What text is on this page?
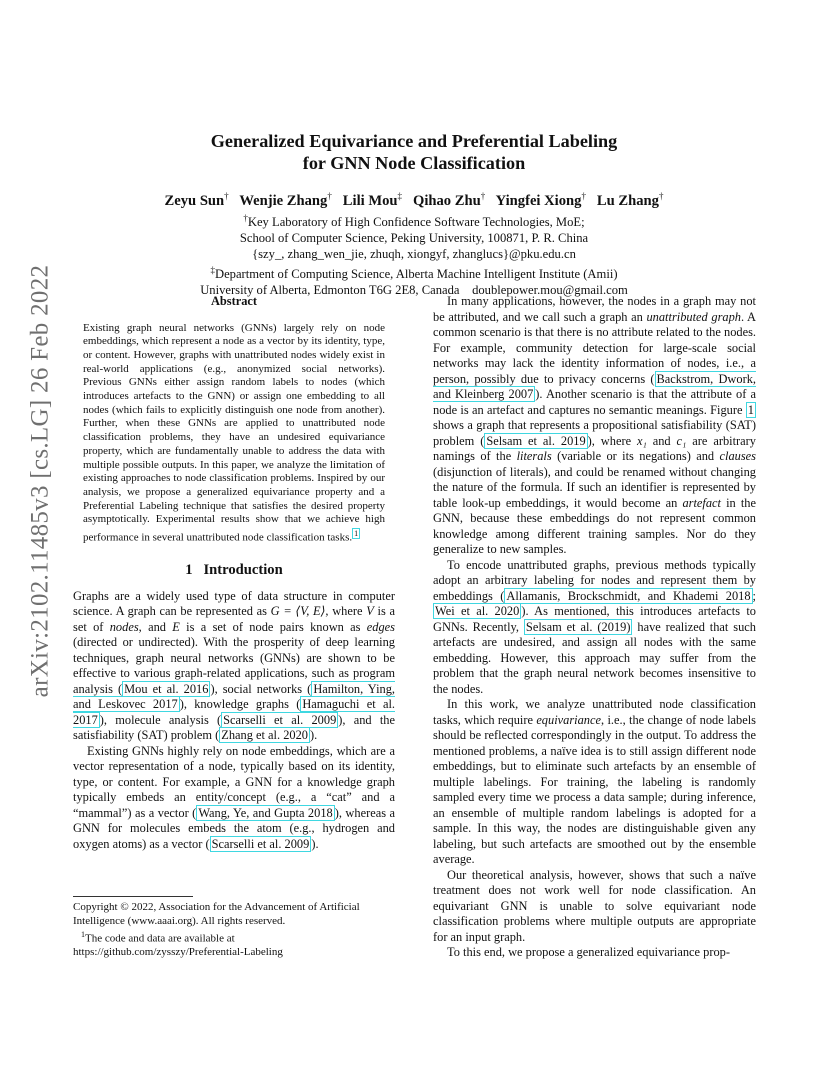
arXiv:2102.11485v3 [cs.LG] 26 Feb 2022
Generalized Equivariance and Preferential Labeling
for GNN Node Classification
Zeyu Sun† Wenjie Zhang† Lili Mou‡ Qihao Zhu† Yingfei Xiong† Lu Zhang†
†Key Laboratory of High Confidence Software Technologies, MoE;
School of Computer Science, Peking University, 100871, P. R. China
{szy_, zhang_wen_jie, zhuqh, xiongyf, zhanglucs}@pku.edu.cn
‡Department of Computing Science, Alberta Machine Intelligent Institute (Amii)
University of Alberta, Edmonton T6G 2E8, Canada    doublepower.mou@gmail.com
Abstract

Existing graph neural networks (GNNs) largely rely on node embeddings, which represent a node as a vector by its identity, type, or content. However, graphs with unattributed nodes widely exist in real-world applications (e.g., anonymized social networks). Previous GNNs either assign random labels to nodes (which introduces artefacts to the GNN) or assign one embedding to all nodes (which fails to explicitly distinguish one node from another). Further, when these GNNs are applied to unattributed node classification problems, they have an undesired equivariance property, which are fundamentally unable to address the data with multiple possible outputs. In this paper, we analyze the limitation of existing approaches to node classification problems. Inspired by our analysis, we propose a generalized equivariance property and a Preferential Labeling technique that satisfies the desired property asymptotically. Experimental results show that we achieve high performance in several unattributed node classification tasks. $^1$

1   Introduction

Graphs are a widely used type of data structure in computer science. A graph can be represented as G = ⟨V, E⟩, where V is a set of nodes, and E is a set of node pairs known as edges (directed or undirected). With the prosperity of deep learning techniques, graph neural networks (GNNs) are shown to be effective to various graph-related applications, such as program analysis ( Mou et al. 2016 ), social networks ( Hamilton, Ying, and Leskovec 2017 ), knowledge graphs ( Hamaguchi et al. 2017 ), molecule analysis ( Scarselli et al. 2009 ), and the satisfiability (SAT) problem ( Zhang et al. 2020 ).

Existing GNNs highly rely on node embeddings, which are a vector representation of a node, typically based on its identity, type, or content. For example, a GNN for a knowledge graph typically embeds an entity/concept (e.g., a “cat” and a “mammal”) as a vector ( Wang, Ye, and Gupta 2018 ), whereas a GNN for molecules embeds the atom (e.g., hydrogen and oxygen atoms) as a vector ( Scarselli et al. 2009 ).

Copyright © 2022, Association for the Advancement of Artificial Intelligence (www.aaai.org). All rights reserved.

$^1$The code and data are available at

https://github.com/zysszy/Preferential-Labeling

In many applications, however, the nodes in a graph may not be attributed, and we call such a graph an unattributed graph. A common scenario is that there is no attribute related to the nodes. For example, community detection for large-scale social networks may lack the identity information of nodes, i.e., a person, possibly due to privacy concerns ( Backstrom, Dwork, and Kleinberg 2007 ). Another scenario is that the attribute of a node is an artefact and captures no semantic meanings. Figure 1 shows a graph that represents a propositional satisfiability (SAT) problem ( Selsam et al. 2019 ), where x₁ and c₁ are arbitrary namings of the literals (variable or its negations) and clauses (disjunction of literals), and could be renamed without changing the nature of the formula. If such an identifier is represented by table look-up embeddings, it would become an artefact in the GNN, because these embeddings do not represent common knowledge among different training samples. Nor do they generalize to new samples.

To encode unattributed graphs, previous methods typically adopt an arbitrary labeling for nodes and represent them by embeddings ( Allamanis, Brockschmidt, and Khademi 2018 ; Wei et al. 2020 ). As mentioned, this introduces artefacts to GNNs. Recently, Selsam et al. (2019) have realized that such artefacts are undesired, and assign all nodes with the same embedding. However, this approach may suffer from the problem that the graph neural network becomes insensitive to the nodes.

In this work, we analyze unattributed node classification tasks, which require equivariance, i.e., the change of node labels should be reflected correspondingly in the output. To address the mentioned problems, a naïve idea is to still assign different node embeddings, but to eliminate such artefacts by an ensemble of multiple labelings. For training, the labeling is randomly sampled every time we process a data sample; during inference, an ensemble of multiple random labelings is adopted for a sample. In this way, the nodes are distinguishable given any labeling, but such artefacts are smoothed out by the ensemble average.

Our theoretical analysis, however, shows that such a naïve treatment does not work well for node classification. An equivariant GNN is unable to solve equivariant node classification problems where multiple outputs are appropriate for an input graph.

To this end, we propose a generalized equivariance prop-
